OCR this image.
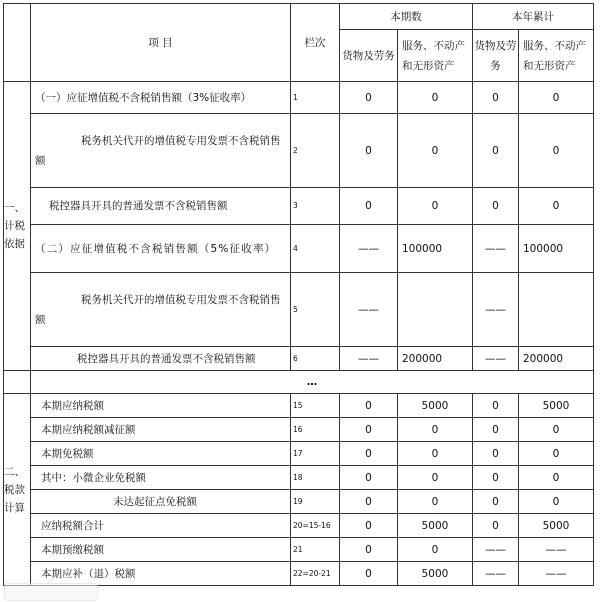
	项 目	栏次	本期数		本年累计	
			货物及劳务	服务、不动产和无形资产	货物及劳务	服务、不动产和无形资产

一、计税依据	（一）应征增值税不含税销售额（3%征收率）	1	0	0	0	0
	税务机关代开的增值税专用发票不含税销售额	2	0	0	0	0
	税控器具开具的普通发票不含税销售额	3	0	0	0	0
	（二）应征增值税不含税销售额（5%征收率）	4	——	100000	——	100000
	税务机关代开的增值税专用发票不含税销售额	5	——		——	
	税控器具开具的普通发票不含税销售额	6	——	200000	——	200000
	…					
二、税款计算	本期应纳税额	15	0	5000	0	5000
	本期应纳税额减征额	16	0	0	0	0
	本期免税额	17	0	0	0	0
	其中：小微企业免税额	18	0	0	0	0
	未达起征点免税额	19	0	0	0	0
	应纳税额合计	20=15-16	0	5000	0	5000
	本期预缴税额	21	0	0	——	——
	本期应补（退）税额	22=20-21	0	5000	——	——
